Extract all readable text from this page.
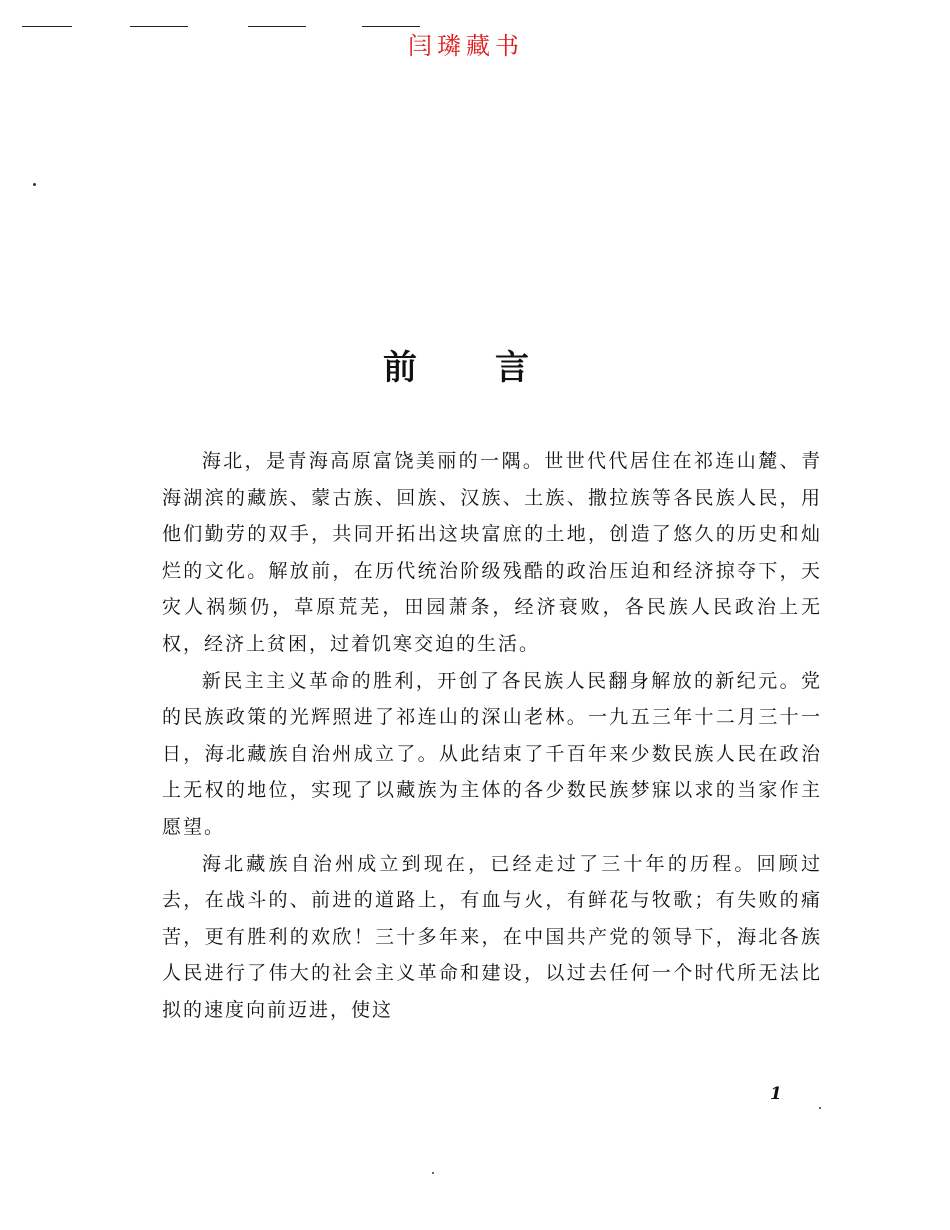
闫璘藏书
前言

海北，是青海高原富饶美丽的一隅。世世代代居住在祁连山麓、青海湖滨的藏族、蒙古族、回族、汉族、土族、撒拉族等各民族人民，用他们勤劳的双手，共同开拓出这块富庶的土地，创造了悠久的历史和灿烂的文化。解放前，在历代统治阶级残酷的政治压迫和经济掠夺下，天灾人祸频仍，草原荒芜，田园萧条，经济衰败，各民族人民政治上无权，经济上贫困，过着饥寒交迫的生活。

新民主主义革命的胜利，开创了各民族人民翻身解放的新纪元。党的民族政策的光辉照进了祁连山的深山老林。一九五三年十二月三十一日，海北藏族自治州成立了。从此结束了千百年来少数民族人民在政治上无权的地位，实现了以藏族为主体的各少数民族梦寐以求的当家作主愿望。

海北藏族自治州成立到现在，已经走过了三十年的历程。回顾过去，在战斗的、前进的道路上，有血与火，有鲜花与牧歌；有失败的痛苦，更有胜利的欢欣！三十多年来，在中国共产党的领导下，海北各族人民进行了伟大的社会主义革命和建设，以过去任何一个时代所无法比拟的速度向前迈进，使这

1
